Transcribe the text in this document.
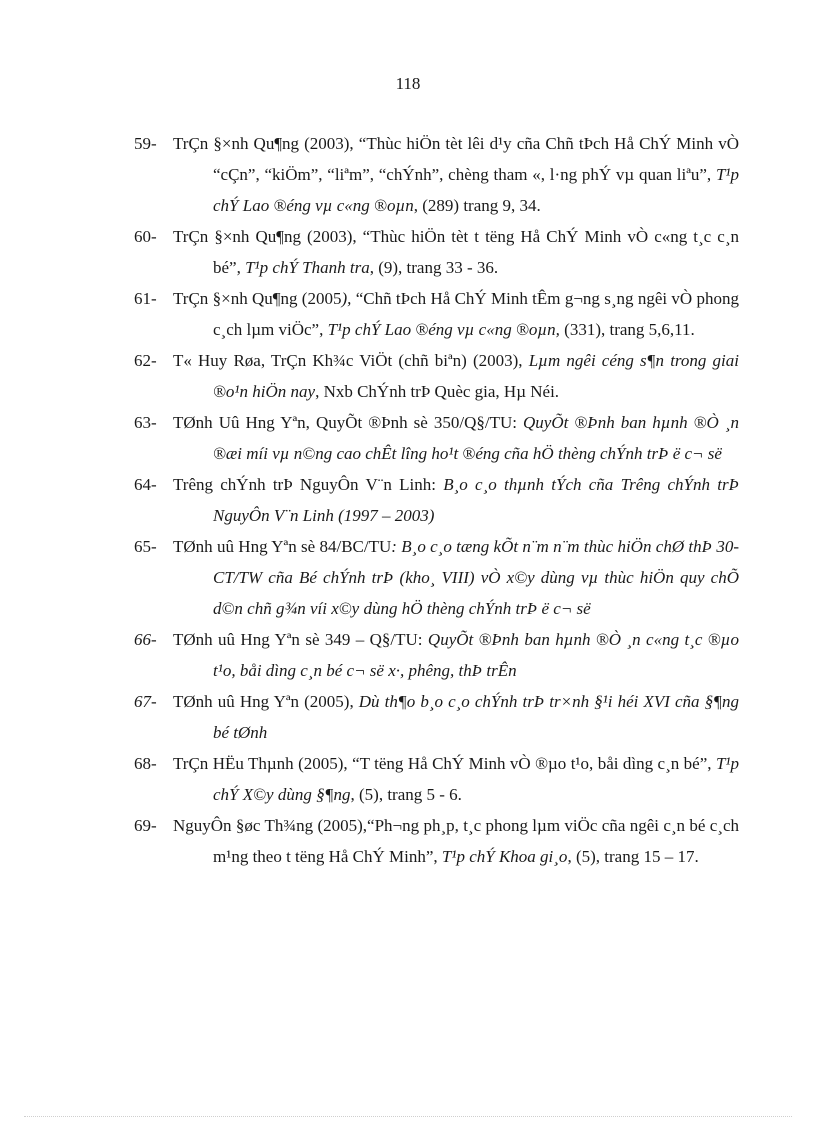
118
59- TrÇn §×nh Qu¶ng (2003), “Thùc hiÖn tèt lêi d¹y cña Chñ tÞch Hå ChÝ Minh vÒ “cÇn”, “kiÖm”, “liªm”, “chÝnh”, chèng tham «, l·ng phÝ vµ quan liªu”, T¹p chÝ Lao ®éng vµ c«ng ®oµn, (289) trang 9, 34.
60- TrÇn §×nh Qu¶ng (2003), “Thùc hiÖn tèt t tëng Hå ChÝ Minh vÒ c«ng t¸c c¸n bé”, T¹p chÝ Thanh tra, (9), trang 33 - 36.
61- TrÇn §×nh Qu¶ng (2005), “Chñ tÞch Hå ChÝ Minh tÊm g¬ng s¸ng ngêi vÒ phong c¸ch lµm viÖc”, T¹p chÝ Lao ®éng vµ c«ng ®oµn, (331), trang 5,6,11.
62- T« Huy Røa, TrÇn Kh¾c ViÖt (chñ biªn) (2003), Lµm ngêi céng s¶n trong giai ®o¹n hiÖn nay, Nxb ChÝnh trÞ Quèc gia, Hµ Néi.
63- TØnh Uû Hng Yªn, QuyÕt ®Þnh sè 350/Q§/TU: QuyÕt ®Þnh ban hµnh ®Ò ¸n ®æi míi vµ n©ng cao chÊt lîng ho¹t ®éng cña hÖ thèng chÝnh trÞ ë c¬ së
64- Trêng chÝnh trÞ NguyÔn V¨n Linh: B¸o c¸o thµnh tÝch cña Trêng chÝnh trÞ NguyÔn V¨n Linh (1997 – 2003)
65- TØnh uû Hng Yªn sè 84/BC/TU: B¸o c¸o tæng kÕt n¨m n¨m thùc hiÖn chØ thÞ 30-CT/TW cña Bé chÝnh trÞ (kho¸ VIII) vÒ x©y dùng vµ thùc hiÖn quy chÕ d©n chñ g¾n víi x©y dùng hÖ thèng chÝnh trÞ ë c¬ së
66- TØnh uû Hng Yªn sè 349 – Q§/TU: QuyÕt ®Þnh ban hµnh ®Ò ¸n c«ng t¸c ®µo t¹o, båi dìng c¸n bé c¬ së x·, phêng, thÞ trÊn
67- TØnh uû Hng Yªn (2005), Dù th¶o b¸o c¸o chÝnh trÞ tr×nh §¹i héi XVI cña §¶ng bé tØnh
68- TrÇn HËu Thµnh (2005), “T tëng Hå ChÝ Minh vÒ ®µo t¹o, båi dìng c¸n bé”, T¹p chÝ X©y dùng §¶ng, (5), trang 5 - 6.
69- NguyÔn §øc Th¾ng (2005),“Ph¬ng ph¸p, t¸c phong lµm viÖc cña ngêi c¸n bé c¸ch m¹ng theo t tëng Hå ChÝ Minh”, T¹p chÝ Khoa gi¸o, (5), trang 15 – 17.
